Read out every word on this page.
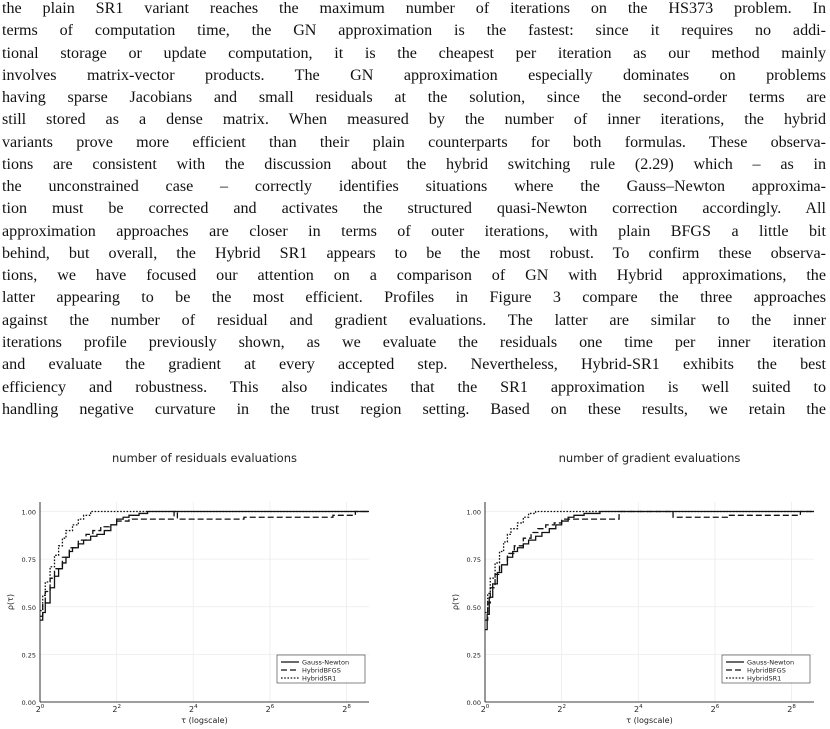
the plain SR1 variant reaches the maximum number of iterations on the HS373 problem. In
terms of computation time, the GN approximation is the fastest: since it requires no addi-
tional storage or update computation, it is the cheapest per iteration as our method mainly
involves matrix-vector products. The GN approximation especially dominates on problems
having sparse Jacobians and small residuals at the solution, since the second-order terms are
still stored as a dense matrix. When measured by the number of inner iterations, the hybrid
variants prove more efficient than their plain counterparts for both formulas. These observa-
tions are consistent with the discussion about the hybrid switching rule (2.29) which – as in
the unconstrained case – correctly identifies situations where the Gauss–Newton approxima-
tion must be corrected and activates the structured quasi-Newton correction accordingly. All
approximation approaches are closer in terms of outer iterations, with plain BFGS a little bit
behind, but overall, the Hybrid SR1 appears to be the most robust. To confirm these observa-
tions, we have focused our attention on a comparison of GN with Hybrid approximations, the
latter appearing to be the most efficient. Profiles in Figure 3 compare the three approaches
against the number of residual and gradient evaluations. The latter are similar to the inner
iterations profile previously shown, as we evaluate the residuals one time per inner iteration
and evaluate the gradient at every accepted step. Nevertheless, Hybrid-SR1 exhibits the best
efficiency and robustness. This also indicates that the SR1 approximation is well suited to
handling negative curvature in the trust region setting. Based on these results, we retain the
number of residuals evaluations
0.00
0.25
0.50
0.75
1.00
$2^0$	$2^2$	$2^4$	$2^6$	$2^8$
τ (logscale)
ρ(τ)
Gauss-Newton
HybridBFGS
HybridSR1
number of gradient evaluations
0.00
0.25
0.50
0.75
1.00
$2^0$	$2^2$	$2^4$	$2^6$	$2^8$
τ (logscale)
ρ(τ)
Gauss-Newton
HybridBFGS
HybridSR1
